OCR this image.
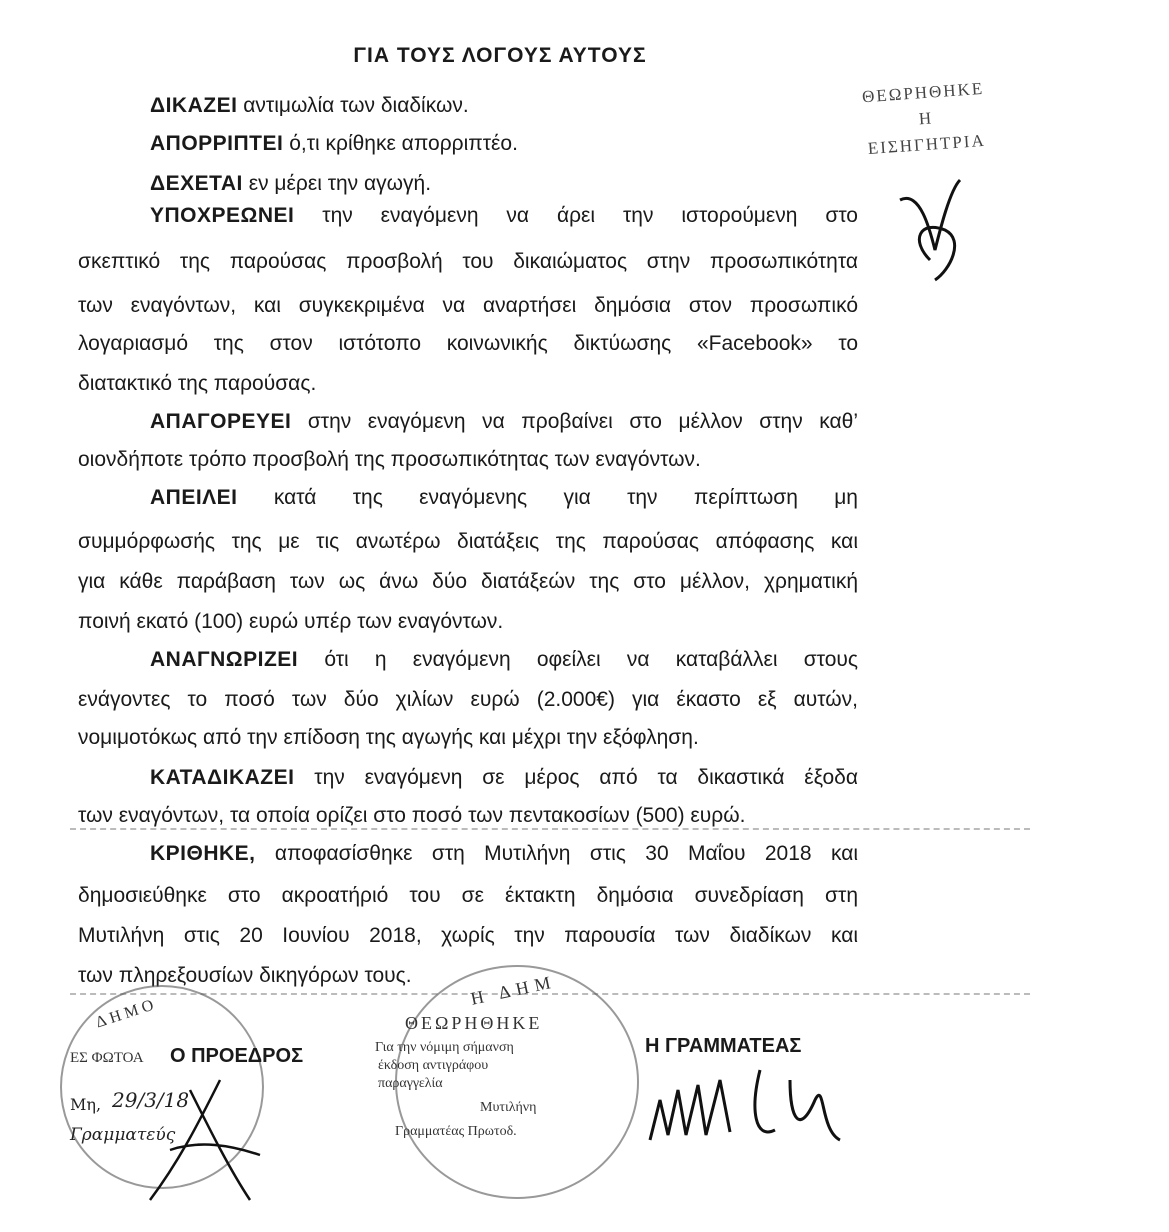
ΓΙΑ ΤΟΥΣ ΛΟΓΟΥΣ ΑΥΤΟΥΣ
ΔΙΚΑΖΕΙ αντιμωλία των διαδίκων.
ΑΠΟΡΡΙΠΤΕΙ ό,τι κρίθηκε απορριπτέο.
ΔΕΧΕΤΑΙ εν μέρει την αγωγή.
ΥΠΟΧΡΕΩΝΕΙ την εναγόμενη να άρει την ιστορούμενη στο
σκεπτικό της παρούσας προσβολή του δικαιώματος στην προσωπικότητα
των εναγόντων, και συγκεκριμένα να αναρτήσει δημόσια στον προσωπικό
λογαριασμό της στον ιστότοπο κοινωνικής δικτύωσης «Facebook» το
διατακτικό της παρούσας.
ΑΠΑΓΟΡΕΥΕΙ στην εναγόμενη να προβαίνει στο μέλλον στην καθ’
οιονδήποτε τρόπο προσβολή της προσωπικότητας των εναγόντων.
ΑΠΕΙΛΕΙ κατά της εναγόμενης για την περίπτωση μη
συμμόρφωσής της με τις ανωτέρω διατάξεις της παρούσας απόφασης και
για κάθε παράβαση των ως άνω δύο διατάξεών της στο μέλλον, χρηματική
ποινή εκατό (100) ευρώ υπέρ των εναγόντων.
ΑΝΑΓΝΩΡΙΖΕΙ ότι η εναγόμενη οφείλει να καταβάλλει στους
ενάγοντες το ποσό των δύο χιλίων ευρώ (2.000€) για έκαστο εξ αυτών,
νομιμοτόκως από την επίδοση της αγωγής και μέχρι την εξόφληση.
ΚΑΤΑΔΙΚΑΖΕΙ την εναγόμενη σε μέρος από τα δικαστικά έξοδα
των εναγόντων, τα οποία ορίζει στο ποσό των πεντακοσίων (500) ευρώ.
ΚΡΙΘΗΚΕ, αποφασίσθηκε στη Μυτιλήνη στις 30 Μαΐου 2018 και
δημοσιεύθηκε στο ακροατήριό του σε έκτακτη δημόσια συνεδρίαση στη
Μυτιλήνη στις 20 Ιουνίου 2018, χωρίς την παρουσία των διαδίκων και
των πληρεξουσίων δικηγόρων τους.
ΘΕΩΡΗΘΗΚΕ
Η
ΕΙΣΗΓΗΤΡΙΑ
ΔΗΜΟ
ΕΣ ΦΩΤΟΑ Ο ΠΡΟΕΔΡΟΣ
Μη, 29/3/18
Γραμματεύς
Η ΔΗΜ
ΘΕΩΡΗΘΗΚΕ
Για την νόμιμη σήμανση
έκδοση αντιγράφου
παραγγελία
Μυτιλήνη
Γραμματέας Πρωτοδ.
Η ΓΡΑΜΜΑΤΕΑΣ
